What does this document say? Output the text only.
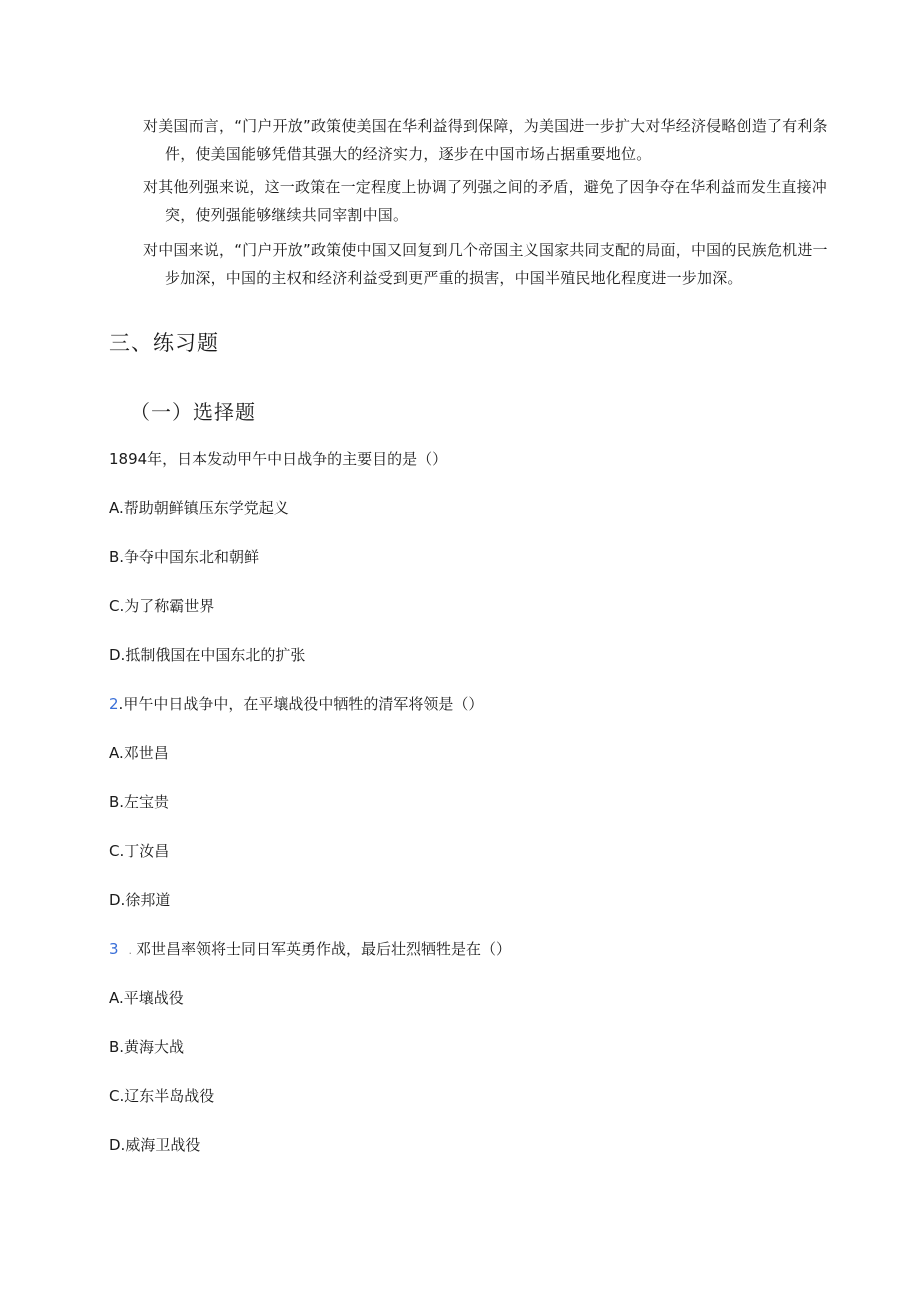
对美国而言，“门户开放”政策使美国在华利益得到保障，为美国进一步扩大对华经济侵略创造了有利条件，使美国能够凭借其强大的经济实力，逐步在中国市场占据重要地位。
对其他列强来说，这一政策在一定程度上协调了列强之间的矛盾，避免了因争夺在华利益而发生直接冲突，使列强能够继续共同宰割中国。
对中国来说，“门户开放”政策使中国又回复到几个帝国主义国家共同支配的局面，中国的民族危机进一步加深，中国的主权和经济利益受到更严重的损害，中国半殖民地化程度进一步加深。
三、练习题
（一）选择题
1894年，日本发动甲午中日战争的主要目的是（）
A.帮助朝鲜镇压东学党起义
B.争夺中国东北和朝鲜
C.为了称霸世界
D.抵制俄国在中国东北的扩张
2.甲午中日战争中，在平壤战役中牺牲的清军将领是（）
A.邓世昌
B.左宝贵
C.丁汝昌
D.徐邦道
3 . 邓世昌率领将士同日军英勇作战，最后壮烈牺牲是在（）
A.平壤战役
B.黄海大战
C.辽东半岛战役
D.威海卫战役
